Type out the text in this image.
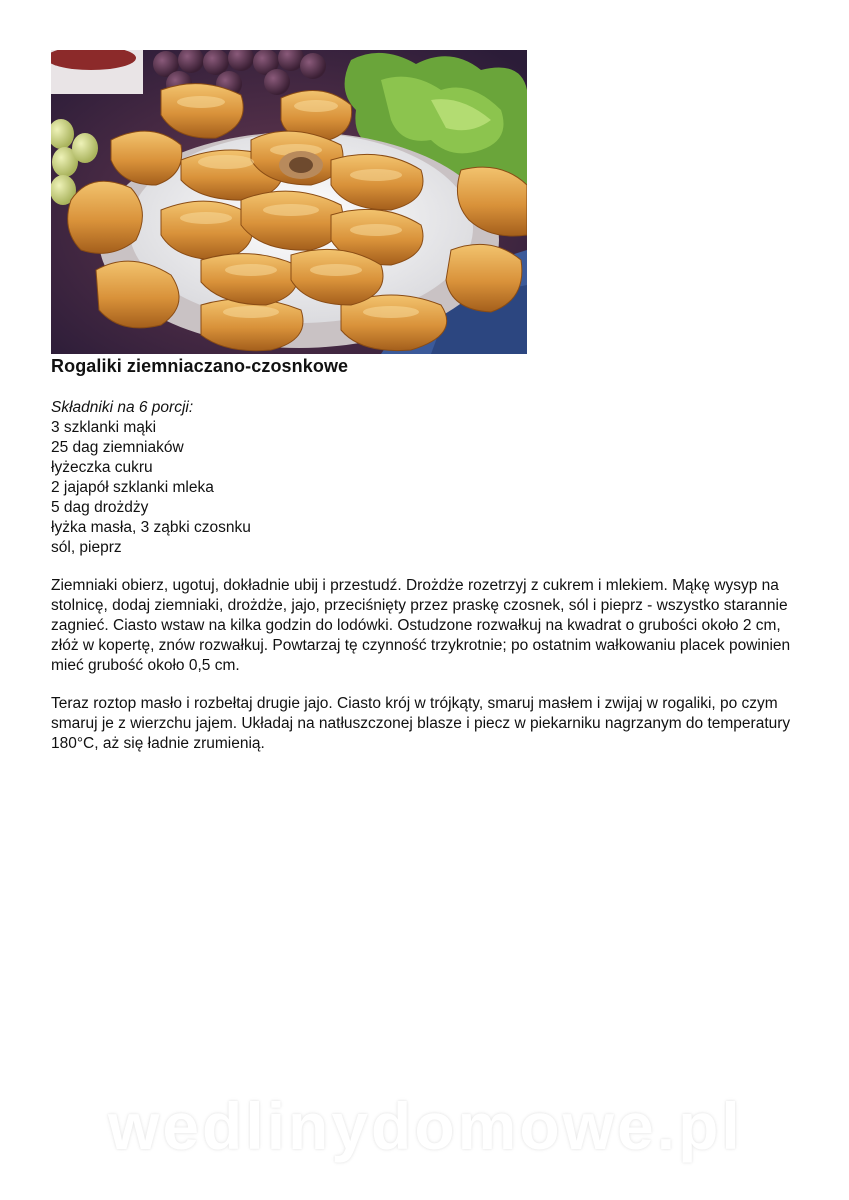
Rogaliki ziemniaczano-czosnkowe
Składniki na 6 porcji:
3 szklanki mąki
25 dag ziemniaków
łyżeczka cukru
2 jajapół szklanki mleka
5 dag drożdży
łyżka masła, 3 ząbki czosnku
sól, pieprz
Ziemniaki obierz, ugotuj, dokładnie ubij i przestudź. Drożdże rozetrzyj z cukrem i mlekiem. Mąkę wysyp na stolnicę, dodaj ziemniaki, drożdże, jajo, przeciśnięty przez praskę czosnek, sól i pieprz - wszystko starannie zagnieć. Ciasto wstaw na kilka godzin do lodówki. Ostudzone rozwałkuj na kwadrat o grubości około 2 cm, złóż w kopertę, znów rozwałkuj. Powtarzaj tę czynność trzykrotnie; po ostatnim wałkowaniu placek powinien mieć grubość około 0,5 cm.
Teraz roztop masło i rozbełtaj drugie jajo. Ciasto krój w trójkąty, smaruj masłem i zwijaj w rogaliki, po czym smaruj je z wierzchu jajem. Układaj na natłuszczonej blasze i piecz w piekarniku nagrzanym do temperatury 180°C, aż się ładnie zrumienią.
wedlinydomowe.pl
